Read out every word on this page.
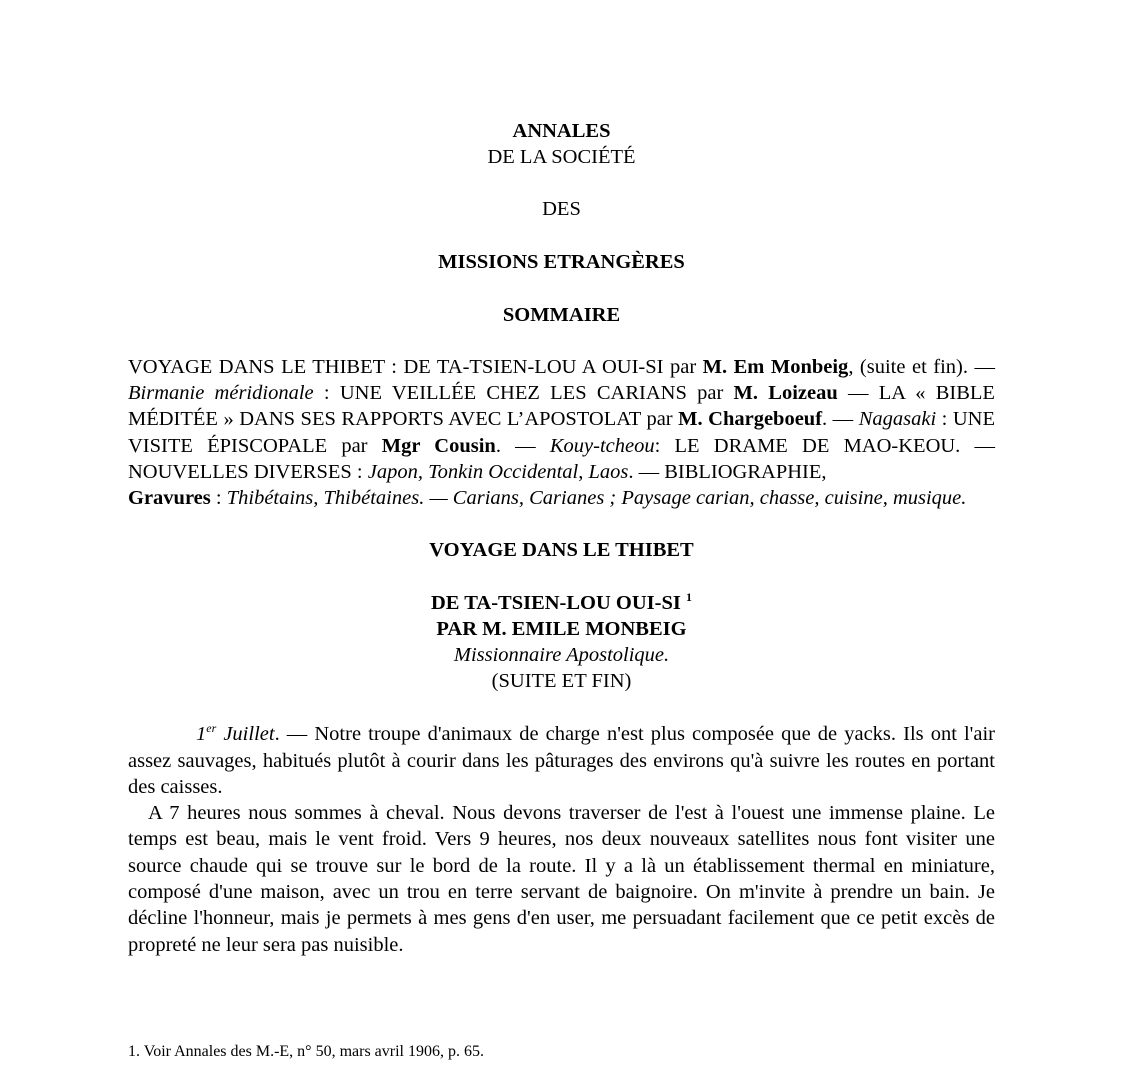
ANNALES
DE LA SOCIÉTÉ
DES
MISSIONS ETRANGÈRES
SOMMAIRE

VOYAGE DANS LE THIBET : DE TA-TSIEN-LOU A OUI-SI par M. Em Monbeig, (suite et fin). — Birmanie méridionale : UNE VEILLÉE CHEZ LES CARIANS par M. Loizeau — LA « BIBLE MÉDITÉE » DANS SES RAPPORTS AVEC L’APOSTOLAT par M. Chargeboeuf. — Nagasaki : UNE VISITE ÉPISCOPALE par Mgr Cousin. — Kouy-tcheou: LE DRAME DE MAO-KEOU. — NOUVELLES DIVERSES : Japon, Tonkin Occidental, Laos. — BIBLIOGRAPHIE,
Gravures : Thibétains, Thibétaines. — Carians, Carianes ; Paysage carian, chasse, cuisine, musique.

VOYAGE DANS LE THIBET
DE TA-TSIEN-LOU OUI-SI $^1$
PAR M. EMILE MONBEIG
Missionnaire Apostolique.
(SUITE ET FIN)

1er Juillet. — Notre troupe d'animaux de charge n'est plus composée que de yacks. Ils ont l'air assez sauvages, habitués plutôt à courir dans les pâturages des environs qu'à suivre les routes en portant des caisses.

A 7 heures nous sommes à cheval. Nous devons traverser de l'est à l'ouest une immense plaine. Le temps est beau, mais le vent froid. Vers 9 heures, nos deux nouveaux satellites nous font visiter une source chaude qui se trouve sur le bord de la route. Il y a là un établissement thermal en miniature, composé d'une maison, avec un trou en terre servant de baignoire. On m'invite à prendre un bain. Je décline l'honneur, mais je permets à mes gens d'en user, me persuadant facilement que ce petit excès de propreté ne leur sera pas nuisible.

1. Voir Annales des M.-E, n° 50, mars avril 1906, p. 65.
